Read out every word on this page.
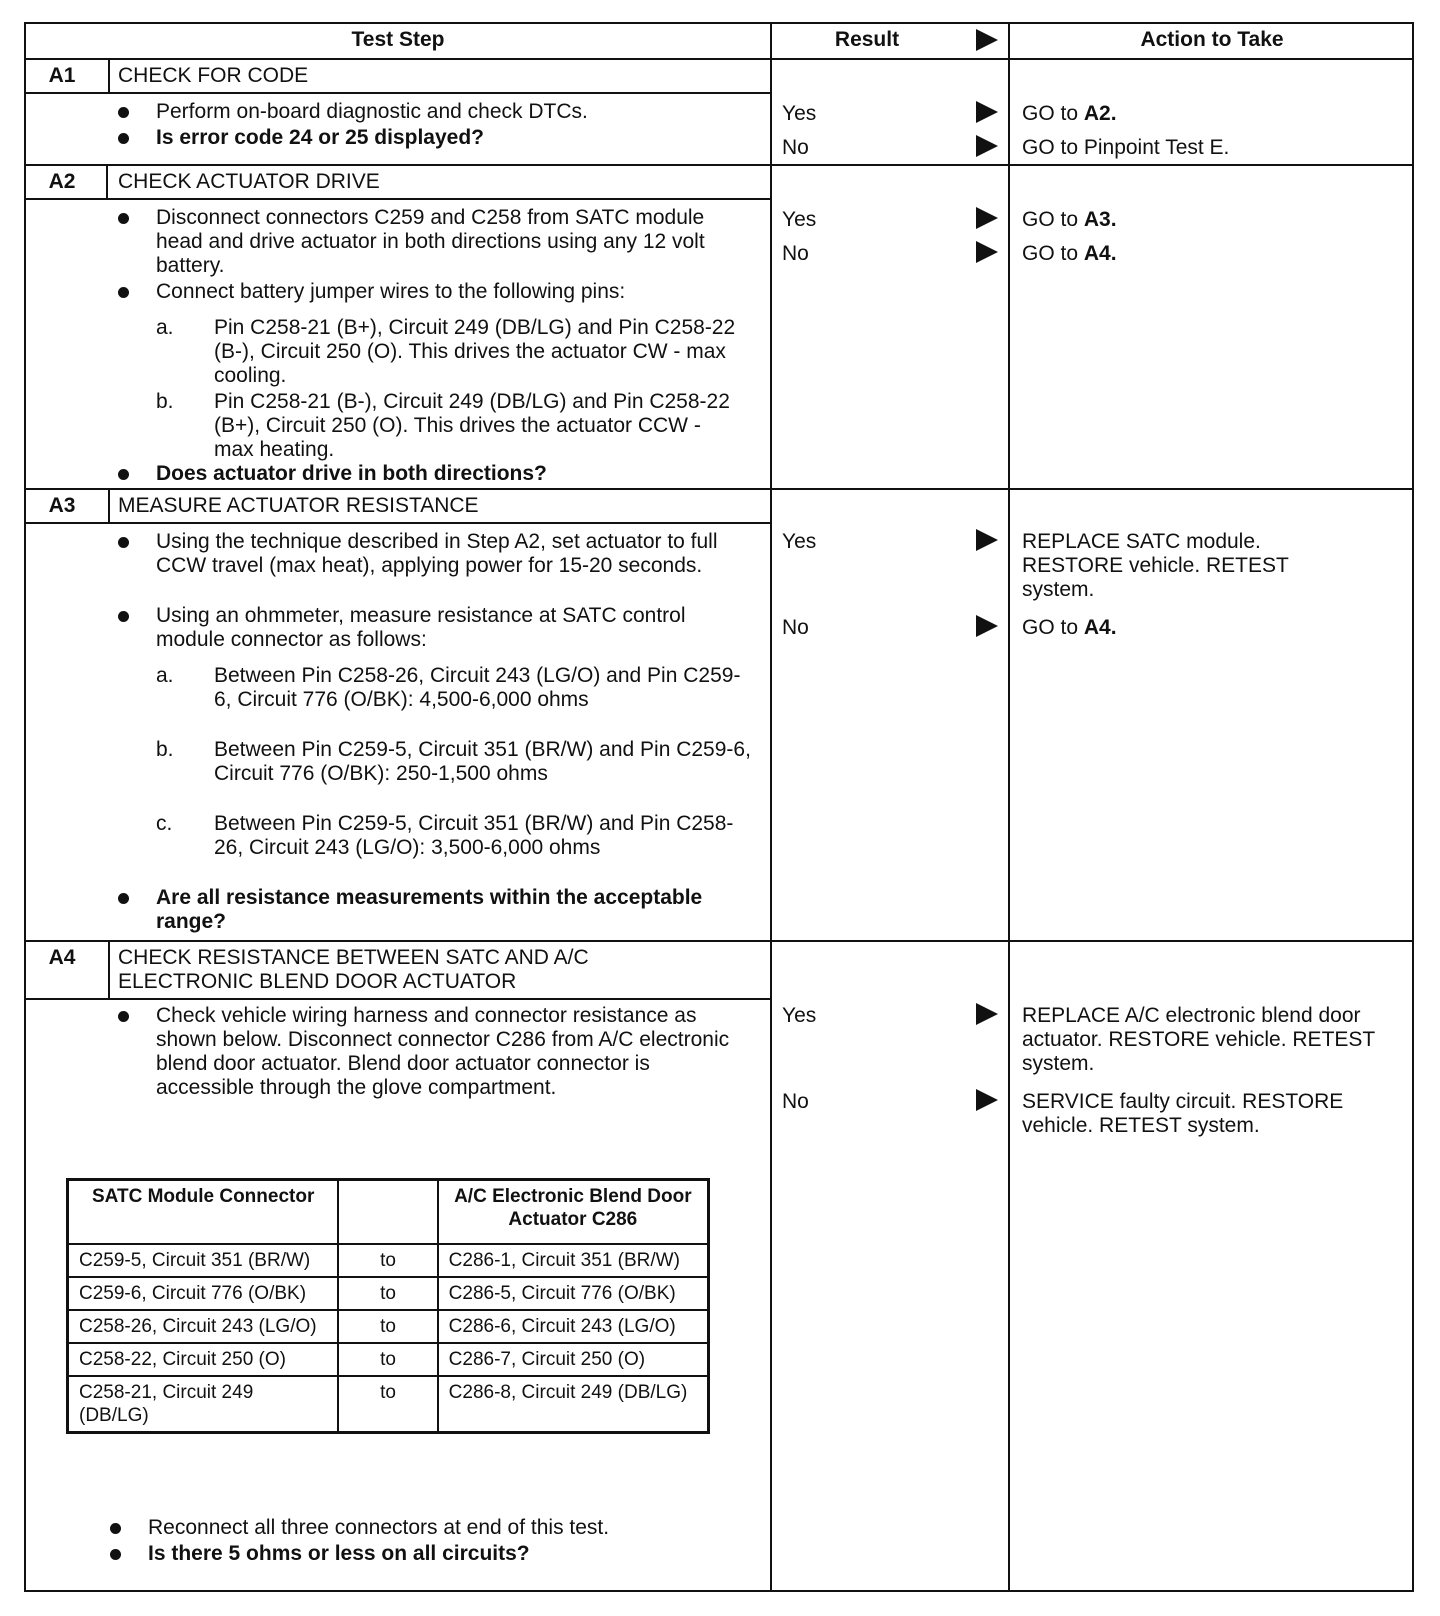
Test Step	Result	Action to Take
A1	CHECK FOR CODE
Perform on-board diagnostic and check DTCs.
Is error code 24 or 25 displayed?
Yes	GO to A2.
No	GO to Pinpoint Test E.
A2	CHECK ACTUATOR DRIVE
Disconnect connectors C259 and C258 from SATC module head and drive actuator in both directions using any 12 volt battery.
Connect battery jumper wires to the following pins:
a. Pin C258-21 (B+), Circuit 249 (DB/LG) and Pin C258-22 (B-), Circuit 250 (O). This drives the actuator CW - max cooling.
b. Pin C258-21 (B-), Circuit 249 (DB/LG) and Pin C258-22 (B+), Circuit 250 (O). This drives the actuator CCW - max heating.
Does actuator drive in both directions?
Yes	GO to A3.
No	GO to A4.
A3	MEASURE ACTUATOR RESISTANCE
Using the technique described in Step A2, set actuator to full CCW travel (max heat), applying power for 15-20 seconds.
Using an ohmmeter, measure resistance at SATC control module connector as follows:
a. Between Pin C258-26, Circuit 243 (LG/O) and Pin C259-6, Circuit 776 (O/BK): 4,500-6,000 ohms
b. Between Pin C259-5, Circuit 351 (BR/W) and Pin C259-6, Circuit 776 (O/BK): 250-1,500 ohms
c. Between Pin C259-5, Circuit 351 (BR/W) and Pin C258-26, Circuit 243 (LG/O): 3,500-6,000 ohms
Are all resistance measurements within the acceptable range?
Yes	REPLACE SATC module. RESTORE vehicle. RETEST system.
No	GO to A4.
A4	CHECK RESISTANCE BETWEEN SATC AND A/C ELECTRONIC BLEND DOOR ACTUATOR
Check vehicle wiring harness and connector resistance as shown below. Disconnect connector C286 from A/C electronic blend door actuator. Blend door actuator connector is accessible through the glove compartment.
SATC Module Connector		A/C Electronic Blend Door Actuator C286
C259-5, Circuit 351 (BR/W)	to	C286-1, Circuit 351 (BR/W)
C259-6, Circuit 776 (O/BK)	to	C286-5, Circuit 776 (O/BK)
C258-26, Circuit 243 (LG/O)	to	C286-6, Circuit 243 (LG/O)
C258-22, Circuit 250 (O)	to	C286-7, Circuit 250 (O)
C258-21, Circuit 249 (DB/LG)	to	C286-8, Circuit 249 (DB/LG)
Reconnect all three connectors at end of this test.
Is there 5 ohms or less on all circuits?
Yes	REPLACE A/C electronic blend door actuator. RESTORE vehicle. RETEST system.
No	SERVICE faulty circuit. RESTORE vehicle. RETEST system.
